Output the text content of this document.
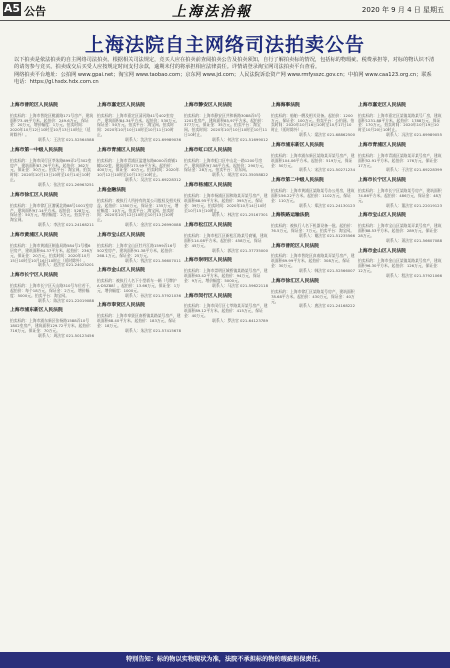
A5 公告	上海法治報	2020 年 9 月 4 日 星期五
上海法院自主网络司法拍卖公告

以下拍卖是依法拍卖的自主网络司法拍卖。根据相关司法规定，竞买人应在拍卖前查阅拍卖公告及拍卖须知，自行了解拍卖标的情况，包括标的物瑕疵、税费承担等，对标的物认识不清的请勿参与竞买。拍卖成交后买受人应按规定时间支付余款，逾期未付的将承担相应法律责任。详情请登录淘宝网司法拍卖平台查看。

网络拍卖平台地址：公拍网 www.gpai.net；淘宝网 www.taobao.com；京东网 www.jd.com；人民法院诉讼资产网 www.rmfysszc.gov.cn；中拍网 www.caa123.org.cn；联系电话：https://gl.hsdx.hdx.com.cn

上海市普陀区人民法院

拍卖标的：上海市普陀区桃浦路171号房产，建筑面积73.49平方米。起拍价：249.6万元，保证金：20万元，增价幅度：1万元。拍卖时间：2020年10月12日10时至10月13日10时止（延时除外）。

联系人：王法官 021-52564588

上海市第一中级人民法院

拍卖标的：上海市闵行区莘朱路899弄2号302室房产，建筑面积87.76平方米。起拍价：362万元，保证金：30万元。拍卖平台：淘宝网。拍卖时间：2020年10月13日10时至10月14日10时止。

联系人：张法官 021-26963251

上海市徐汇区人民法院

拍卖标的：上海市徐汇区漕溪北路88号1001室房产，建筑面积97.14平方米。起拍价：528万元，保证金：50万元，增价幅度：2万元。拍卖平台：淘宝网。

联系人：李法官 021-24168211

上海市黄浦区人民法院

拍卖标的：上海市黄浦区制造局路584号1号楼6层房产，建筑面积64.37平方米。起拍价：236万元，保证金：20万元。拍卖时间：2020年10月15日10时至10月16日10时止（延时除外）。

联系人：赵法官 021-24025201

上海市长宁区人民法院

拍卖标的：上海市长宁区天山路310号车位若干，起拍价：每个18万元，保证金：2万元，增价幅度：5000元。拍卖平台：淘宝网。

联系人：陈法官 021-22019088

上海市浦东新区人民法院

拍卖标的：上海市浦东新区张杨路1588弄10号1802室房产，建筑面积129.72平方米。起拍价：716万元，保证金：70万元。

联系人：周法官 021-50123456

上海市嘉定区人民法院

拍卖标的：上海市嘉定区清河路41号402室房产，建筑面积84.34平方米。起拍价：530万元，保证金：50万元。拍卖平台：淘宝网。拍卖时间：2020年10月10日10时至10月11日10时止。

联系人：沈法官 021-69989036

上海市青浦区人民法院

拍卖标的：上海市青浦区盈港东路8000弄商铺1幢102室，建筑面积173.99平方米。起拍价：400万元，保证金：40万元。拍卖时间：2020年10月12日10时至10月13日10时止。

联系人：吴法官 021-69228312

上海金融法院

拍卖标的：被执行人所持有的某公司股权及相关权益。起拍价：1350万元，保证金：135万元，增价幅度：10万元。拍卖平台：淘宝网。拍卖时间：2020年10月12日10时至10月13日10时止。

联系人：金法官 021-26990088

上海市宝山区人民法院

拍卖标的：上海市宝山区牡丹江路1599弄16号502室房产，建筑面积91.38平方米。起拍价：268.1万元，保证金：25万元。

联系人：钱法官 021-56607011

上海市金山区人民法院

拍卖标的：被执行人名下小型轿车一辆（号牌沪A·D5Z88）。起拍价：13.66万元，保证金：1万元，增价幅度：1000元。

联系人：孙法官 021-57921036

上海市奉贤区人民法院

拍卖标的：上海市奉贤区南桥镇某路某号房产，建筑面积68.40平方米。起拍价：183万元，保证金：18万元。

联系人：朱法官 021-57415678

上海市静安区人民法院

拍卖标的：上海市静安区共和新路3088弄5号1201室房产，建筑面积85.97平方米。起拍价：377万元，保证金：35万元。拍卖平台：淘宝网。拍卖时间：2020年10月10日10时至10月11日10时止。

联系人：何法官 021-51699012

上海市虹口区人民法院

拍卖标的：上海市虹口区中山北一路1200号房产，建筑面积97.58平方米。起拍价：290万元，保证金：28万元。拍卖平台：京东网。

联系人：胡法官 021-35058822

上海市杨浦区人民法院

拍卖标的：上海市杨浦区国和路某弄某号房产，建筑面积68.95平方米。起拍价：395万元，保证金：39万元。拍卖时间：2020年10月14日10时至10月15日10时止。

联系人：林法官 021-25167301

上海市松江区人民法院

拍卖标的：上海市松江区新松江路某号商铺，建筑面积114.08平方米。起拍价：458万元，保证金：45万元。

联系人：郭法官 021-37735000

上海市崇明区人民法院

拍卖标的：上海市崇明区城桥镇某路某号房产，建筑面积63.42平方米。起拍价：94万元，保证金：9万元，增价幅度：5000元。

联系人：马法官 021-59622118

上海市闵行区人民法院

拍卖标的：上海市闵行区七莘路某弄某号房产，建筑面积89.12平方米。起拍价：415万元，保证金：40万元。

联系人：罗法官 021-64123789

上海海事法院

拍卖标的：船舶一艘及相关设备。起拍价：1200万元，保证金：100万元。拍卖平台：公拍网。拍卖时间：2020年10月16日10时至10月17日10时止（延时除外）。

联系人：梁法官 021-68862500

上海市浦东新区人民法院

拍卖标的：上海市浦东新区某路某弄某号房产，建筑面积104.06平方米。起拍价：519万元，保证金：50万元。

联系人：宋法官 021-50271234

上海市第二中级人民法院

拍卖标的：上海市黄浦区某路某号办公用房，建筑面积156.22平方米。起拍价：1102万元，保证金：110万元。

联系人：郑法官 021-24130123

上海铁路运输法院

拍卖标的：被执行人名下机器设备一批。起拍价：76.5万元，保证金：7万元。拍卖平台：淘宝网。

联系人：谢法官 021-51235566

上海市普陀区人民法院

拍卖标的：上海市普陀区真南路某弄某号房产，建筑面积69.99平方米。起拍价：308万元，保证金：30万元。

联系人：韩法官 021-52566007

上海市徐汇区人民法院

拍卖标的：上海市徐汇区某路某号房产，建筑面积78.68平方米。起拍价：430万元，保证金：40万元。

联系人：唐法官 021-24168222

上海市嘉定区人民法院

拍卖标的：上海市嘉定区某镇某路某号厂房，建筑面积1231.88平方米。起拍价：1788万元，保证金：170万元。拍卖时间：2020年10月19日10时至10月20日10时止。

联系人：冯法官 021-69989055

上海市青浦区人民法院

拍卖标的：上海市青浦区某路某弄某号房产，建筑面积52.91平方米。起拍价：176万元，保证金：17万元。

联系人：于法官 021-69228399

上海市长宁区人民法院

拍卖标的：上海市长宁区某路某号房产，建筑面积74.86平方米。起拍价：486万元，保证金：48万元。

联系人：董法官 021-22019123

上海市宝山区人民法院

拍卖标的：上海市宝山区某路某弄某号房产，建筑面积88.53平方米。起拍价：289万元，保证金：28万元。

联系人：萧法官 021-56607088

上海市金山区人民法院

拍卖标的：上海市金山区某镇某路某号房产，建筑面积96.30平方米。起拍价：126万元，保证金：12万元。

联系人：程法官 021-57921066

特别告知：标的物以实物现状为准，法院不承担标的物的瑕疵担保责任。
